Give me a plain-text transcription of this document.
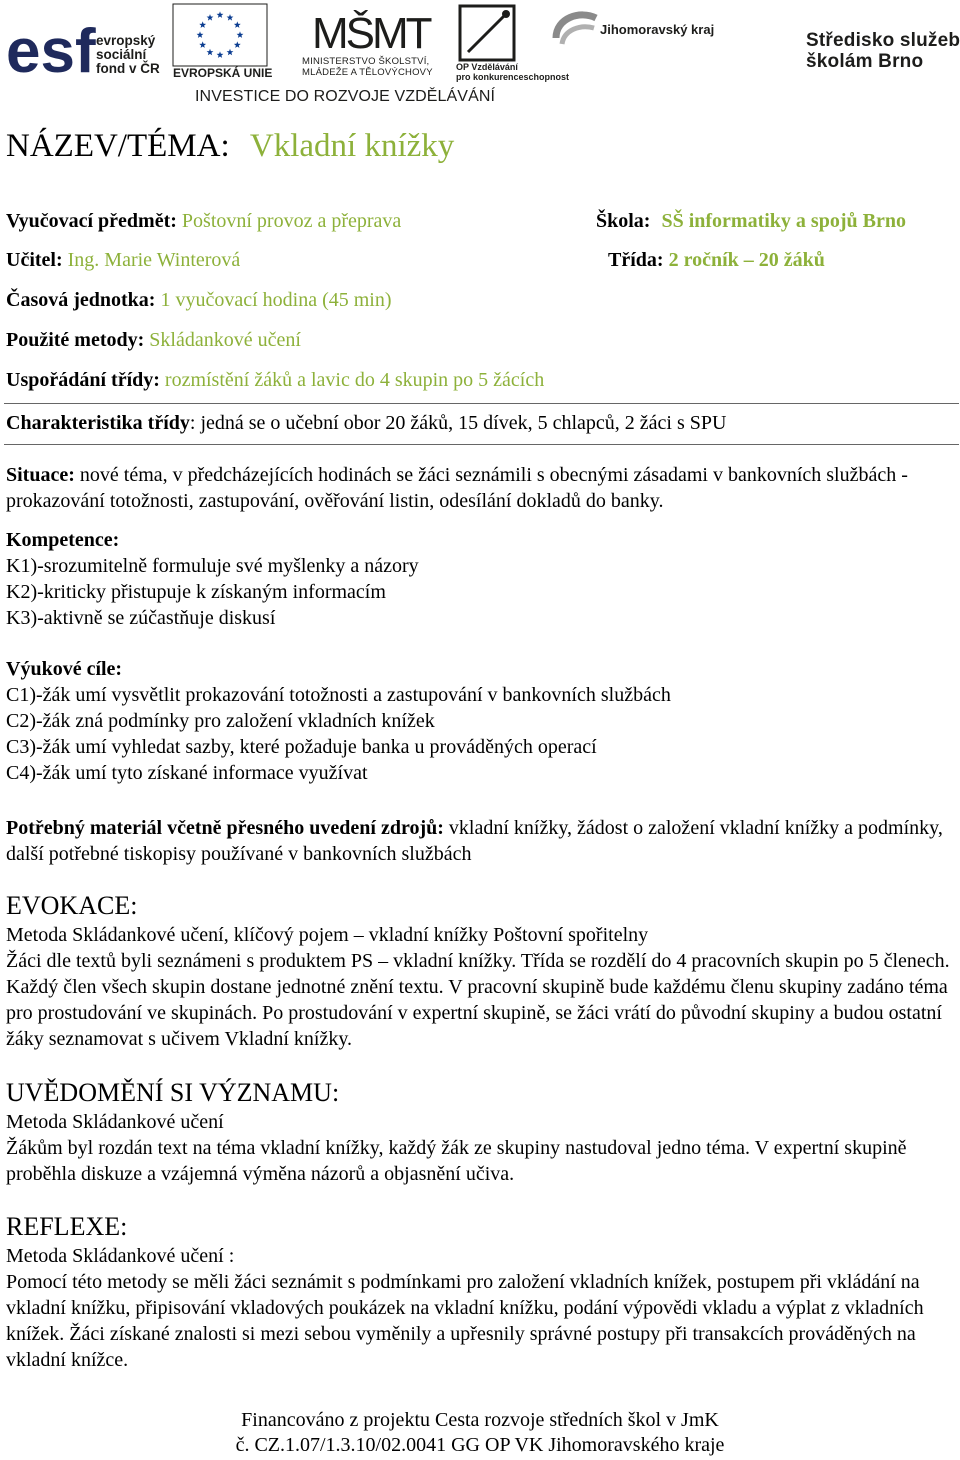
esf evropský
sociální
fond v ČR EVROPSKÁ UNIE
MŠMT
MINISTERSTVO ŠKOLSTVÍ,
MLÁDEŽE A TĚLOVÝCHOVY	OP Vzdělávání
pro konkurenceschopnost
Jihomoravský kraj
Středisko služeb
školám Brno
INVESTICE DO ROZVOJE VZDĚLÁVÁNÍ
NÁZEV/TÉMA: Vkladní knížky
Vyučovací předmět: Poštovní provoz a přeprava	Škola: SŠ informatiky a spojů Brno
Učitel: Ing. Marie Winterová	Třída: 2 ročník – 20 žáků
Časová jednotka: 1 vyučovací hodina (45 min)
Použité metody: Skládankové učení
Uspořádání třídy: rozmístění žáků a lavic do 4 skupin po 5 žácích
Charakteristika třídy: jedná se o učební obor 20 žáků, 15 dívek, 5 chlapců, 2 žáci s SPU

Situace: nové téma, v předcházejících hodinách se žáci seznámili s obecnými zásadami v bankovních službách - prokazování totožnosti, zastupování, ověřování listin, odesílání dokladů do banky.

Kompetence:

K1)-srozumitelně formuluje své myšlenky a názory

K2)-kriticky přistupuje k získaným informacím

K3)-aktivně se zúčastňuje diskusí

Výukové cíle:

C1)-žák umí vysvětlit prokazování totožnosti a zastupování v bankovních službách

C2)-žák zná podmínky pro založení vkladních knížek

C3)-žák umí vyhledat sazby, které požaduje banka u prováděných operací

C4)-žák umí tyto získané informace využívat

Potřebný materiál včetně přesného uvedení zdrojů: vkladní knížky, žádost o založení vkladní knížky a podmínky, další potřebné tiskopisy používané v bankovních službách

EVOKACE:

Metoda Skládankové učení, klíčový pojem – vkladní knížky Poštovní spořitelny

Žáci dle textů byli seznámeni s produktem PS – vkladní knížky. Třída se rozdělí do 4 pracovních skupin po 5 členech. Každý člen všech skupin dostane jednotné znění textu. V pracovní skupině bude každému členu skupiny zadáno téma pro prostudování ve skupinách. Po prostudování v expertní skupině, se žáci vrátí do původní skupiny a budou ostatní žáky seznamovat s učivem Vkladní knížky.

UVĚDOMĚNÍ SI VÝZNAMU:

Metoda Skládankové učení

Žákům byl rozdán text na téma vkladní knížky, každý žák ze skupiny nastudoval jedno téma. V expertní skupině proběhla diskuze a vzájemná výměna názorů a objasnění učiva.

REFLEXE:

Metoda Skládankové učení :

Pomocí této metody se měli žáci seznámit s podmínkami pro založení vkladních knížek, postupem při vkládání na vkladní knížku, připisování vkladových poukázek na vkladní knížku, podání výpovědi vkladu a výplat z vkladních knížek. Žáci získané znalosti si mezi sebou vyměnily a upřesnily správné postupy při transakcích prováděných na vkladní knížce.

Financováno z projektu Cesta rozvoje středních škol v JmK
č. CZ.1.07/1.3.10/02.0041 GG OP VK Jihomoravského kraje
